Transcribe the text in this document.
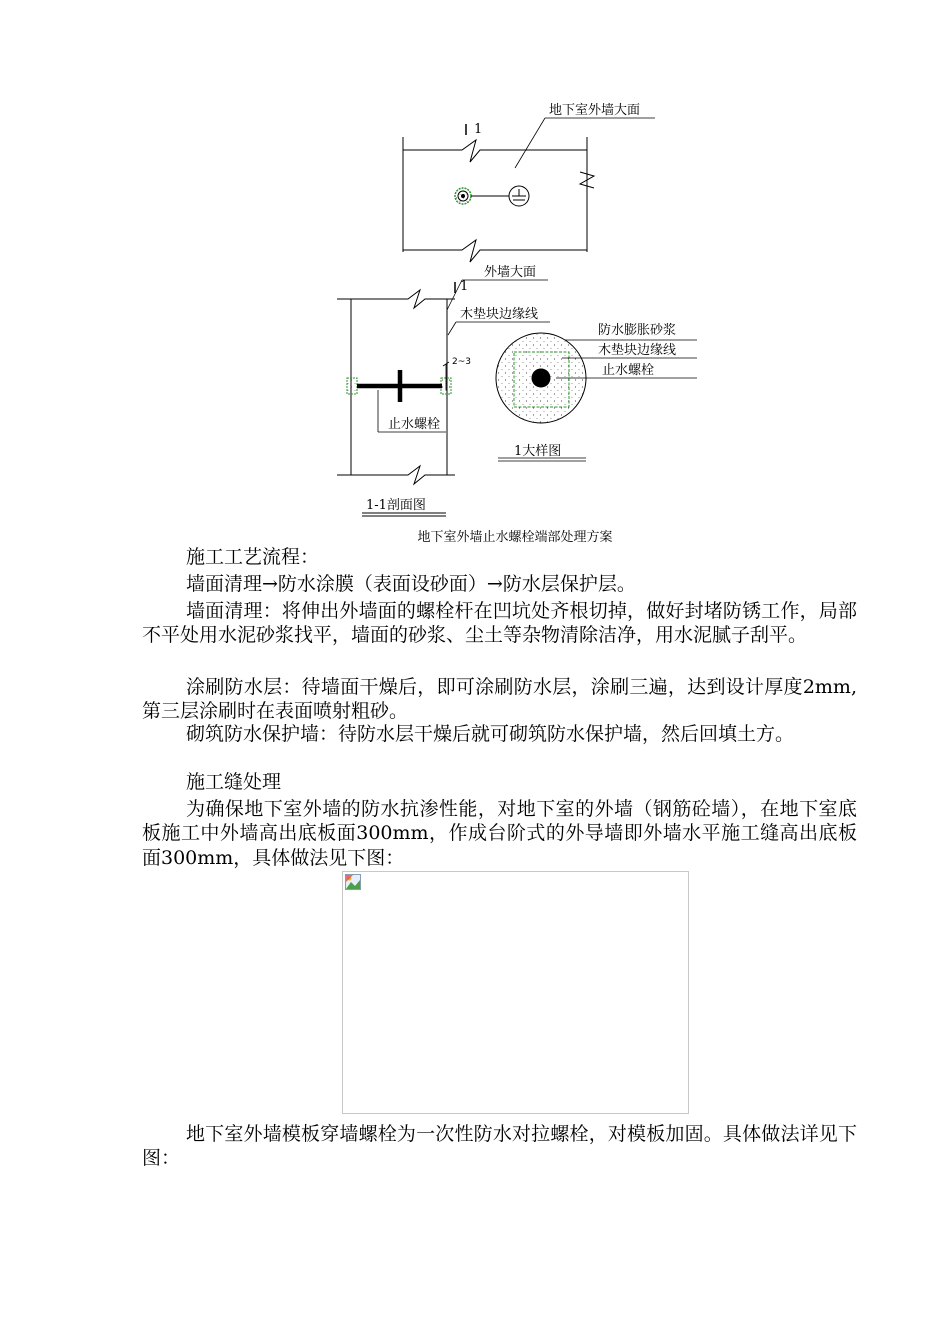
1
地下室外墙大面
1
外墙大面
木垫块边缘线
2~3
止水螺栓
1-1剖面图
防水膨胀砂浆
木垫块边缘线
止水螺栓
1大样图
地下室外墙止水螺栓端部处理方案
施工工艺流程：
墙面清理→防水涂膜（表面设砂面）→防水层保护层。
墙面清理：将伸出外墙面的螺栓杆在凹坑处齐根切掉，做好封堵防锈工作，局部不平处用水泥砂浆找平，墙面的砂浆、尘土等杂物清除洁净，用水泥腻子刮平。
涂刷防水层：待墙面干燥后，即可涂刷防水层，涂刷三遍，达到设计厚度2mm,第三层涂刷时在表面喷射粗砂。
砌筑防水保护墙：待防水层干燥后就可砌筑防水保护墙，然后回填土方。
施工缝处理
为确保地下室外墙的防水抗渗性能，对地下室的外墙（钢筋砼墙），在地下室底板施工中外墙高出底板面300mm，作成台阶式的外导墙即外墙水平施工缝高出底板面300mm，具体做法见下图：
地下室外墙模板穿墙螺栓为一次性防水对拉螺栓，对模板加固。具体做法详见下图：
